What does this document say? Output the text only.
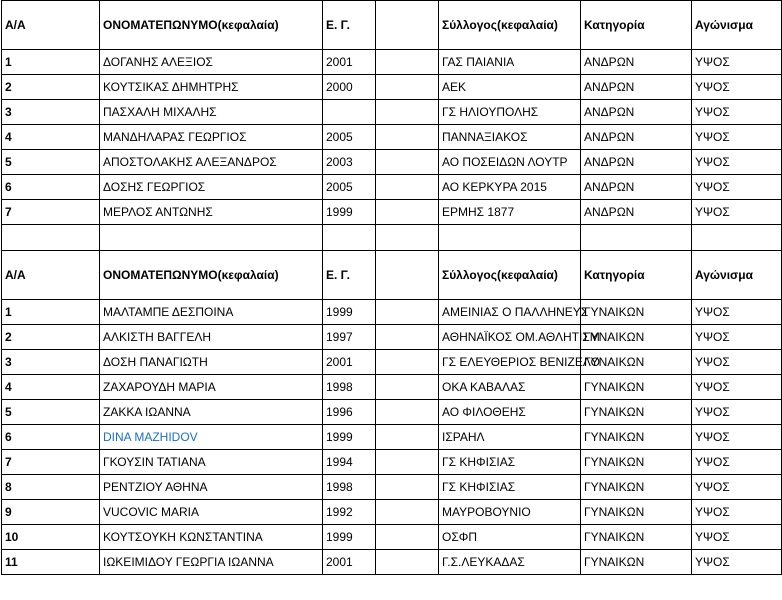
Α/Α	ΟΝΟΜΑΤΕΠΩΝΥΜΟ(κεφαλαία)	Ε. Γ.		Σύλλογος(κεφαλαία)	Κατηγορία	Αγώνισμα
1	ΔΟΓΑΝΗΣ ΑΛΕΞΙΟΣ	2001		ΓΑΣ ΠΑΙΑΝΙΑ	ΑΝΔΡΩΝ	ΥΨΟΣ
2	ΚΟΥΤΣΙΚΑΣ ΔΗΜΗΤΡΗΣ	2000		ΑΕΚ	ΑΝΔΡΩΝ	ΥΨΟΣ
3	ΠΑΣΧΑΛΗ ΜΙΧΑΛΗΣ			ΓΣ ΗΛΙΟΥΠΟΛΗΣ	ΑΝΔΡΩΝ	ΥΨΟΣ
4	ΜΑΝΔΗΛΑΡΑΣ ΓΕΩΡΓΙΟΣ	2005		ΠΑΝΝΑΞΙΑΚΟΣ	ΑΝΔΡΩΝ	ΥΨΟΣ
5	ΑΠΟΣΤΟΛΑΚΗΣ ΑΛΕΞΑΝΔΡΟΣ	2003		ΑΟ ΠΟΣΕΙΔΩΝ ΛΟΥΤΡ	ΑΝΔΡΩΝ	ΥΨΟΣ
6	ΔΟΣΗΣ ΓΕΩΡΓΙΟΣ	2005		ΑΟ ΚΕΡΚΥΡΑ 2015	ΑΝΔΡΩΝ	ΥΨΟΣ
7	ΜΕΡΛΟΣ ΑΝΤΩΝΗΣ	1999		ΕΡΜΗΣ 1877	ΑΝΔΡΩΝ	ΥΨΟΣ

Α/Α	ΟΝΟΜΑΤΕΠΩΝΥΜΟ(κεφαλαία)	Ε. Γ.		Σύλλογος(κεφαλαία)	Κατηγορία	Αγώνισμα
1	ΜΑΛΤΑΜΠΕ ΔΕΣΠΟΙΝΑ	1999		ΑΜΕΙΝΙΑΣ Ο ΠΑΛΛΗΝΕΥΣ	ΓΥΝΑΙΚΩΝ	ΥΨΟΣ
2	ΑΛΚΙΣΤΗ ΒΑΓΓΕΛΗ	1997		ΑΘΗΝΑΪΚΟΣ ΟΜ.ΑΘΛΗΤΙΣΜ	ΓΥΝΑΙΚΩΝ	ΥΨΟΣ
3	ΔΟΣΗ ΠΑΝΑΓΙΩΤΗ	2001		ΓΣ ΕΛΕΥΘΕΡΙΟΣ ΒΕΝΙΖΕΛΟ	ΓΥΝΑΙΚΩΝ	ΥΨΟΣ
4	ΖΑΧΑΡΟΥΔΗ ΜΑΡΙΑ	1998		ΟΚΑ ΚΑΒΑΛΑΣ	ΓΥΝΑΙΚΩΝ	ΥΨΟΣ
5	ΖΑΚΚΑ ΙΩΑΝΝΑ	1996		ΑΟ ΦΙΛΟΘΕΗΣ	ΓΥΝΑΙΚΩΝ	ΥΨΟΣ
6	DINA MAZHIDOV	1999		ΙΣΡΑΗΛ	ΓΥΝΑΙΚΩΝ	ΥΨΟΣ
7	ΓΚΟΥΣΙΝ ΤΑΤΙΑΝΑ	1994		ΓΣ ΚΗΦΙΣΙΑΣ	ΓΥΝΑΙΚΩΝ	ΥΨΟΣ
8	ΡΕΝΤΖΙΟΥ ΑΘΗΝΑ	1998		ΓΣ ΚΗΦΙΣΙΑΣ	ΓΥΝΑΙΚΩΝ	ΥΨΟΣ
9	VUCOVIC MARIA	1992		ΜΑΥΡΟΒΟΥΝΙΟ	ΓΥΝΑΙΚΩΝ	ΥΨΟΣ
10	ΚΟΥΤΣΟΥΚΗ ΚΩΝΣΤΑΝΤΙΝΑ	1999		ΟΣΦΠ	ΓΥΝΑΙΚΩΝ	ΥΨΟΣ
11	ΙΩΚΕΙΜΙΔΟΥ ΓΕΩΡΓΙΑ ΙΩΑΝΝΑ	2001		Γ.Σ.ΛΕΥΚΑΔΑΣ	ΓΥΝΑΙΚΩΝ	ΥΨΟΣ
